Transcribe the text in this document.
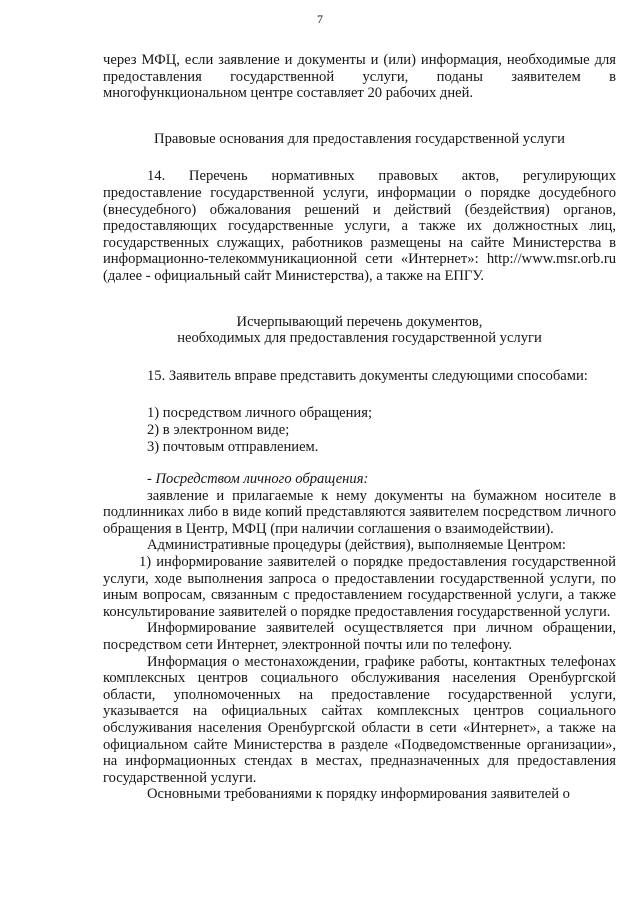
7

через МФЦ, если заявление и документы и (или) информация, необходимые для предоставления государственной услуги, поданы заявителем в многофункциональном центре составляет 20 рабочих дней.

Правовые основания для предоставления государственной услуги

14. Перечень нормативных правовых актов, регулирующих предоставление государственной услуги, информации о порядке досудебного (внесудебного) обжалования решений и действий (бездействия) органов, предоставляющих государственные услуги, а также их должностных лиц, государственных служащих, работников размещены на сайте Министерства в информационно-телекоммуникационной сети «Интернет»: http://www.msr.orb.ru (далее - официальный сайт Министерства), а также на ЕПГУ.

Исчерпывающий перечень документов,

необходимых для предоставления государственной услуги

15. Заявитель вправе представить документы следующими способами:

1) посредством личного обращения;

2) в электронном виде;

3) почтовым отправлением.

- Посредством личного обращения:

заявление и прилагаемые к нему документы на бумажном носителе в подлинниках либо в виде копий представляются заявителем посредством личного обращения в Центр, МФЦ (при наличии соглашения о взаимодействии).

Административные процедуры (действия), выполняемые Центром:

1) информирование заявителей о порядке предоставления государственной услуги, ходе выполнения запроса о предоставлении государственной услуги, по иным вопросам, связанным с предоставлением государственной услуги, а также консультирование заявителей о порядке предоставления государственной услуги.

Информирование заявителей осуществляется при личном обращении, посредством сети Интернет, электронной почты или по телефону.

Информация о местонахождении, графике работы, контактных телефонах комплексных центров социального обслуживания населения Оренбургской области, уполномоченных на предоставление государственной услуги, указывается на официальных сайтах комплексных центров социального обслуживания населения Оренбургской области в сети «Интернет», а также на официальном сайте Министерства в разделе «Подведомственные организации», на информационных стендах в местах, предназначенных для предоставления государственной услуги.

Основными требованиями к порядку информирования заявителей о
